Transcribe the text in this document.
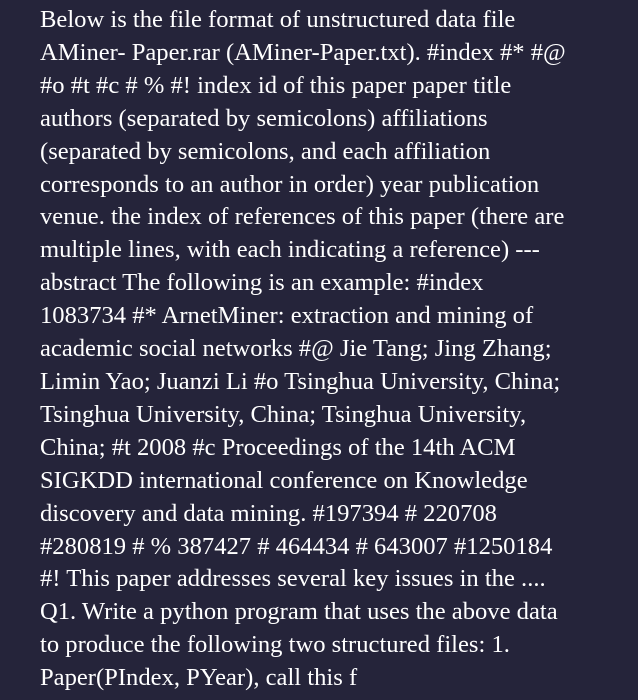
Below is the file format of unstructured data file
AMiner- Paper.rar (AMiner-Paper.txt). #index #* #@
#o #t #c # % #! index id of this paper paper title
authors (separated by semicolons) affiliations
(separated by semicolons, and each affiliation
corresponds to an author in order) year publication
venue. the index of references of this paper (there are
multiple lines, with each indicating a reference) ---
abstract The following is an example: #index
1083734 #* ArnetMiner: extraction and mining of
academic social networks #@ Jie Tang; Jing Zhang;
Limin Yao; Juanzi Li #o Tsinghua University, China;
Tsinghua University, China; Tsinghua University,
China; #t 2008 #c Proceedings of the 14th ACM
SIGKDD international conference on Knowledge
discovery and data mining. #197394 # 220708
#280819 # % 387427 # 464434 # 643007 #1250184
#! This paper addresses several key issues in the ....
Q1. Write a python program that uses the above data
to produce the following two structured files: 1.
Paper(PIndex, PYear), call this f
